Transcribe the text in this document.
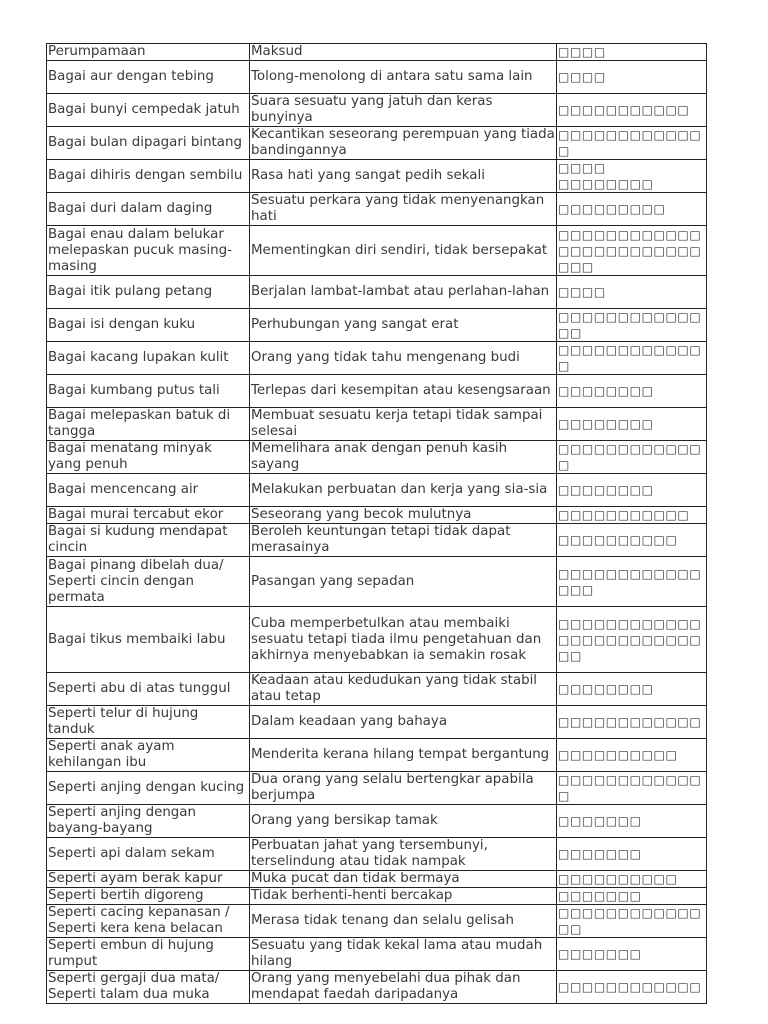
Perumpamaan	Maksud	□□□□
Bagai aur dengan tebing	Tolong-menolong di antara satu sama lain	□□□□
Bagai bunyi cempedak jatuh	Suara sesuatu yang jatuh dan keras bunyinya	□□□□□□□□□□□
Bagai bulan dipagari bintang	Kecantikan seseorang perempuan yang tiada bandingannya	□□□□□□□□□□□□□
Bagai dihiris dengan sembilu	Rasa hati yang sangat pedih sekali	□□□□ □□□□□□□□
Bagai duri dalam daging	Sesuatu perkara yang tidak menyenangkan hati	□□□□□□□□□
Bagai enau dalam belukar melepaskan pucuk masing-masing	Mementingkan diri sendiri, tidak bersepakat	□□□□□□□□□□□□□□□□□□□□□□□□□□□
Bagai itik pulang petang	Berjalan lambat-lambat atau perlahan-lahan	□□□□
Bagai isi dengan kuku	Perhubungan yang sangat erat	□□□□□□□□□□□□□□
Bagai kacang lupakan kulit	Orang yang tidak tahu mengenang budi	□□□□□□□□□□□□□
Bagai kumbang putus tali	Terlepas dari kesempitan atau kesengsaraan	□□□□□□□□
Bagai melepaskan batuk di tangga	Membuat sesuatu kerja tetapi tidak sampai selesai	□□□□□□□□
Bagai menatang minyak yang penuh	Memelihara anak dengan penuh kasih sayang	□□□□□□□□□□□□□
Bagai mencencang air	Melakukan perbuatan dan kerja yang sia-sia	□□□□□□□□
Bagai murai tercabut ekor	Seseorang yang becok mulutnya	□□□□□□□□□□□
Bagai si kudung mendapat cincin	Beroleh keuntungan tetapi tidak dapat merasainya	□□□□□□□□□□
Bagai pinang dibelah dua/ Seperti cincin dengan permata	Pasangan yang sepadan	□□□□□□□□□□□□□□□
Bagai tikus membaiki labu	Cuba memperbetulkan atau membaiki sesuatu tetapi tiada ilmu pengetahuan dan akhirnya menyebabkan ia semakin rosak	□□□□□□□□□□□□□□□□□□□□□□□□□□
Seperti abu di atas tunggul	Keadaan atau kedudukan yang tidak stabil atau tetap	□□□□□□□□
Seperti telur di hujung tanduk	Dalam keadaan yang bahaya	□□□□□□□□□□□□
Seperti anak ayam kehilangan ibu	Menderita kerana hilang tempat bergantung	□□□□□□□□□□
Seperti anjing dengan kucing	Dua orang yang selalu bertengkar apabila berjumpa	□□□□□□□□□□□□□
Seperti anjing dengan bayang-bayang	Orang yang bersikap tamak	□□□□□□□
Seperti api dalam sekam	Perbuatan jahat yang tersembunyi, terselindung atau tidak nampak	□□□□□□□
Seperti ayam berak kapur	Muka pucat dan tidak bermaya	□□□□□□□□□□
Seperti bertih digoreng	Tidak berhenti-henti bercakap	□□□□□□□
Seperti cacing kepanasan / Seperti kera kena belacan	Merasa tidak tenang dan selalu gelisah	□□□□□□□□□□□□□□
Seperti embun di hujung rumput	Sesuatu yang tidak kekal lama atau mudah hilang	□□□□□□□
Seperti gergaji dua mata/ Seperti talam dua muka	Orang yang menyebelahi dua pihak dan mendapat faedah daripadanya	□□□□□□□□□□□□
